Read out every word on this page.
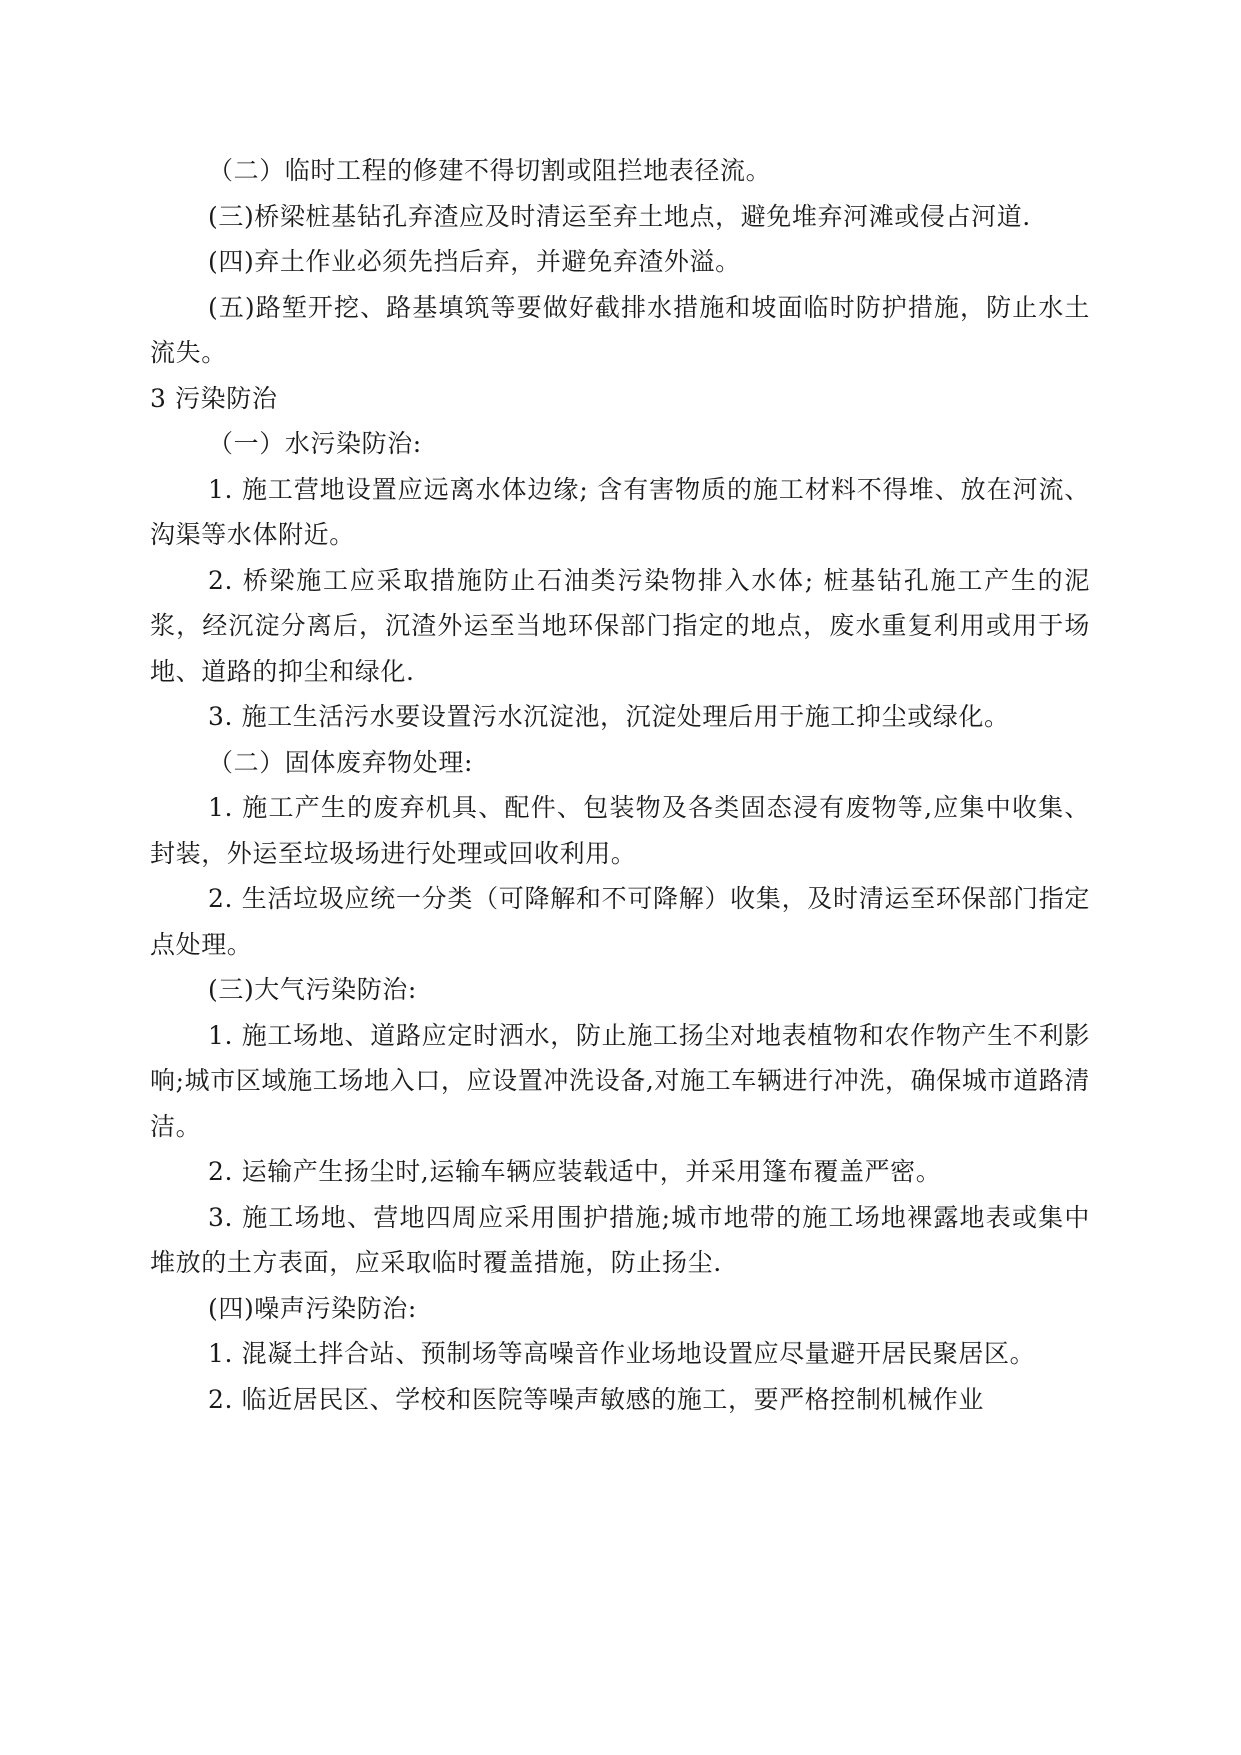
（二）临时工程的修建不得切割或阻拦地表径流。

(三)桥梁桩基钻孔弃渣应及时清运至弃土地点，避免堆弃河滩或侵占河道.

(四)弃土作业必须先挡后弃，并避免弃渣外溢。

(五)路堑开挖、路基填筑等要做好截排水措施和坡面临时防护措施，防止水土流失。

3 污染防治

（一）水污染防治:

1. 施工营地设置应远离水体边缘; 含有害物质的施工材料不得堆、放在河流、沟渠等水体附近。

2. 桥梁施工应采取措施防止石油类污染物排入水体; 桩基钻孔施工产生的泥浆，经沉淀分离后，沉渣外运至当地环保部门指定的地点，废水重复利用或用于场地、道路的抑尘和绿化.

3. 施工生活污水要设置污水沉淀池，沉淀处理后用于施工抑尘或绿化。

（二）固体废弃物处理:

1. 施工产生的废弃机具、配件、包装物及各类固态浸有废物等,应集中收集、封装，外运至垃圾场进行处理或回收利用。

2. 生活垃圾应统一分类（可降解和不可降解）收集，及时清运至环保部门指定点处理。

(三)大气污染防治:

1. 施工场地、道路应定时洒水，防止施工扬尘对地表植物和农作物产生不利影响;城市区域施工场地入口，应设置冲洗设备,对施工车辆进行冲洗，确保城市道路清洁。

2. 运输产生扬尘时,运输车辆应装载适中，并采用篷布覆盖严密。

3. 施工场地、营地四周应采用围护措施;城市地带的施工场地裸露地表或集中堆放的土方表面，应采取临时覆盖措施，防止扬尘.

(四)噪声污染防治:

1. 混凝土拌合站、预制场等高噪音作业场地设置应尽量避开居民聚居区。

2. 临近居民区、学校和医院等噪声敏感的施工，要严格控制机械作业
